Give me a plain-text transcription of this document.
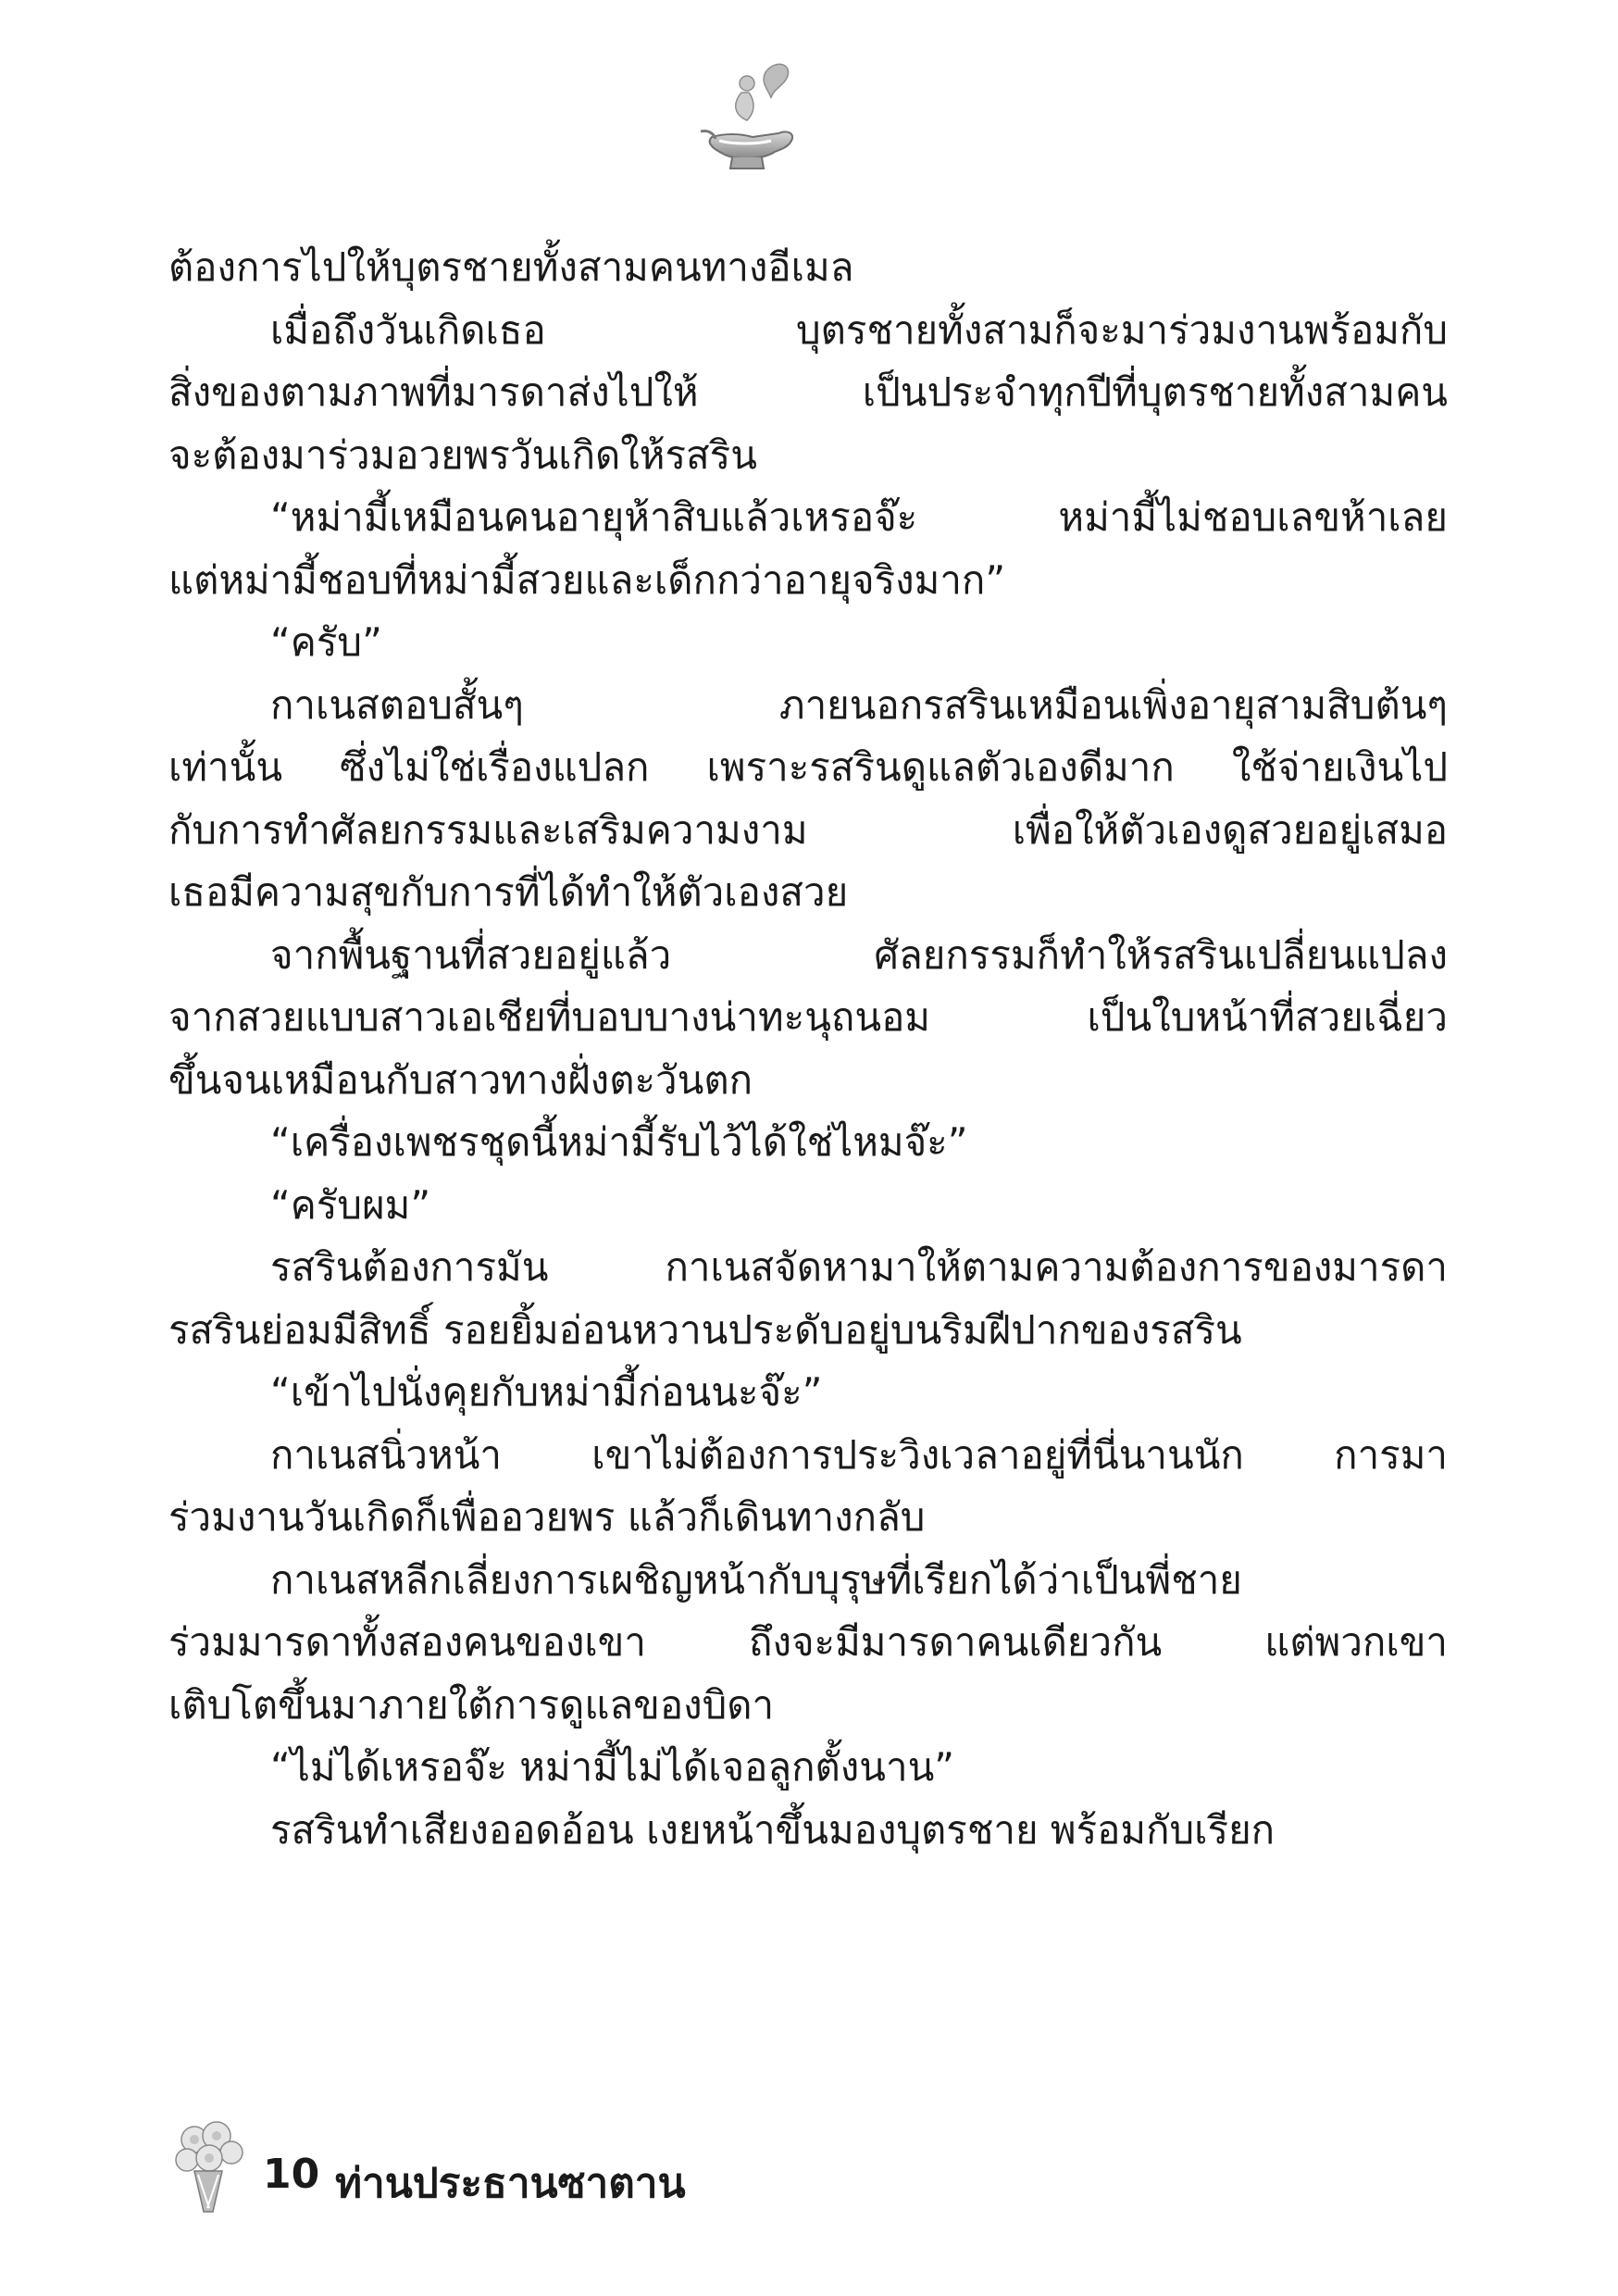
ต้องการไปให้บุตรชายทั้งสามคนทางอีเมล
เมื่อถึงวันเกิดเธอ บุตรชายทั้งสามก็จะมาร่วมงานพร้อมกับ
สิ่งของตามภาพที่มารดาส่งไปให้ เป็นประจำทุกปีที่บุตรชายทั้งสามคน
จะต้องมาร่วมอวยพรวันเกิดให้รสริน
“หม่ามี้เหมือนคนอายุห้าสิบแล้วเหรอจ๊ะ หม่ามี้ไม่ชอบเลขห้าเลย
แต่หม่ามี้ชอบที่หม่ามี้สวยและเด็กกว่าอายุจริงมาก”
“ครับ”
กาเนสตอบสั้นๆ ภายนอกรสรินเหมือนเพิ่งอายุสามสิบต้นๆ
เท่านั้น ซึ่งไม่ใช่เรื่องแปลก เพราะรสรินดูแลตัวเองดีมาก ใช้จ่ายเงินไป
กับการทำศัลยกรรมและเสริมความงาม เพื่อให้ตัวเองดูสวยอยู่เสมอ
เธอมีความสุขกับการที่ได้ทำให้ตัวเองสวย
จากพื้นฐานที่สวยอยู่แล้ว ศัลยกรรมก็ทำให้รสรินเปลี่ยนแปลง
จากสวยแบบสาวเอเชียที่บอบบางน่าทะนุถนอม เป็นใบหน้าที่สวยเฉี่ยว
ขึ้นจนเหมือนกับสาวทางฝั่งตะวันตก
“เครื่องเพชรชุดนี้หม่ามี้รับไว้ได้ใช่ไหมจ๊ะ”
“ครับผม”
รสรินต้องการมัน กาเนสจัดหามาให้ตามความต้องการของมารดา
รสรินย่อมมีสิทธิ์ รอยยิ้มอ่อนหวานประดับอยู่บนริมฝีปากของรสริน
“เข้าไปนั่งคุยกับหม่ามี้ก่อนนะจ๊ะ”
กาเนสนิ่วหน้า เขาไม่ต้องการประวิงเวลาอยู่ที่นี่นานนัก การมา
ร่วมงานวันเกิดก็เพื่ออวยพร แล้วก็เดินทางกลับ
กาเนสหลีกเลี่ยงการเผชิญหน้ากับบุรุษที่เรียกได้ว่าเป็นพี่ชาย
ร่วมมารดาทั้งสองคนของเขา ถึงจะมีมารดาคนเดียวกัน แต่พวกเขา
เติบโตขึ้นมาภายใต้การดูแลของบิดา
“ไม่ได้เหรอจ๊ะ หม่ามี้ไม่ได้เจอลูกตั้งนาน”
รสรินทำเสียงออดอ้อน เงยหน้าขึ้นมองบุตรชาย พร้อมกับเรียก
10 ท่านประธานซาตาน
